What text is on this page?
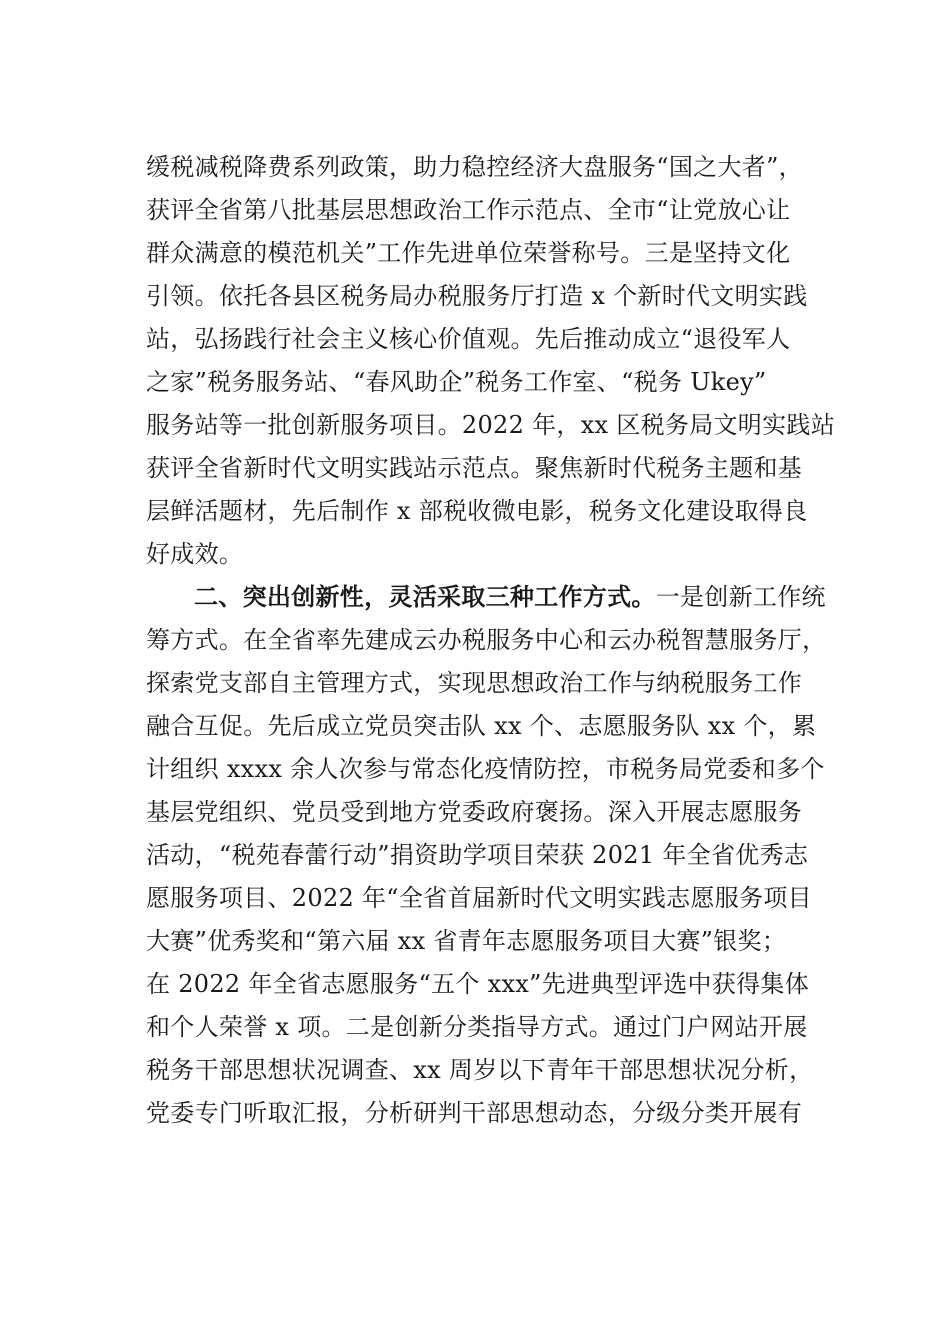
缓税减税降费系列政策，助力稳控经济大盘服务“国之大者”，
获评全省第八批基层思想政治工作示范点、全市“让党放心让
群众满意的模范机关”工作先进单位荣誉称号。三是坚持文化
引领。依托各县区税务局办税服务厅打造 x 个新时代文明实践
站，弘扬践行社会主义核心价值观。先后推动成立“退役军人
之家”税务服务站、“春风助企”税务工作室、“税务 Ukey”
服务站等一批创新服务项目。2022 年，xx 区税务局文明实践站
获评全省新时代文明实践站示范点。聚焦新时代税务主题和基
层鲜活题材，先后制作 x 部税收微电影，税务文化建设取得良
好成效。
二、突出创新性，灵活采取三种工作方式。一是创新工作统
筹方式。在全省率先建成云办税服务中心和云办税智慧服务厅，
探索党支部自主管理方式，实现思想政治工作与纳税服务工作
融合互促。先后成立党员突击队 xx 个、志愿服务队 xx 个，累
计组织 xxxx 余人次参与常态化疫情防控，市税务局党委和多个
基层党组织、党员受到地方党委政府褒扬。深入开展志愿服务
活动，“税苑春蕾行动”捐资助学项目荣获 2021 年全省优秀志
愿服务项目、2022 年“全省首届新时代文明实践志愿服务项目
大赛”优秀奖和“第六届 xx 省青年志愿服务项目大赛”银奖；
在 2022 年全省志愿服务“五个 xxx”先进典型评选中获得集体
和个人荣誉 x 项。二是创新分类指导方式。通过门户网站开展
税务干部思想状况调查、xx 周岁以下青年干部思想状况分析，
党委专门听取汇报，分析研判干部思想动态，分级分类开展有
